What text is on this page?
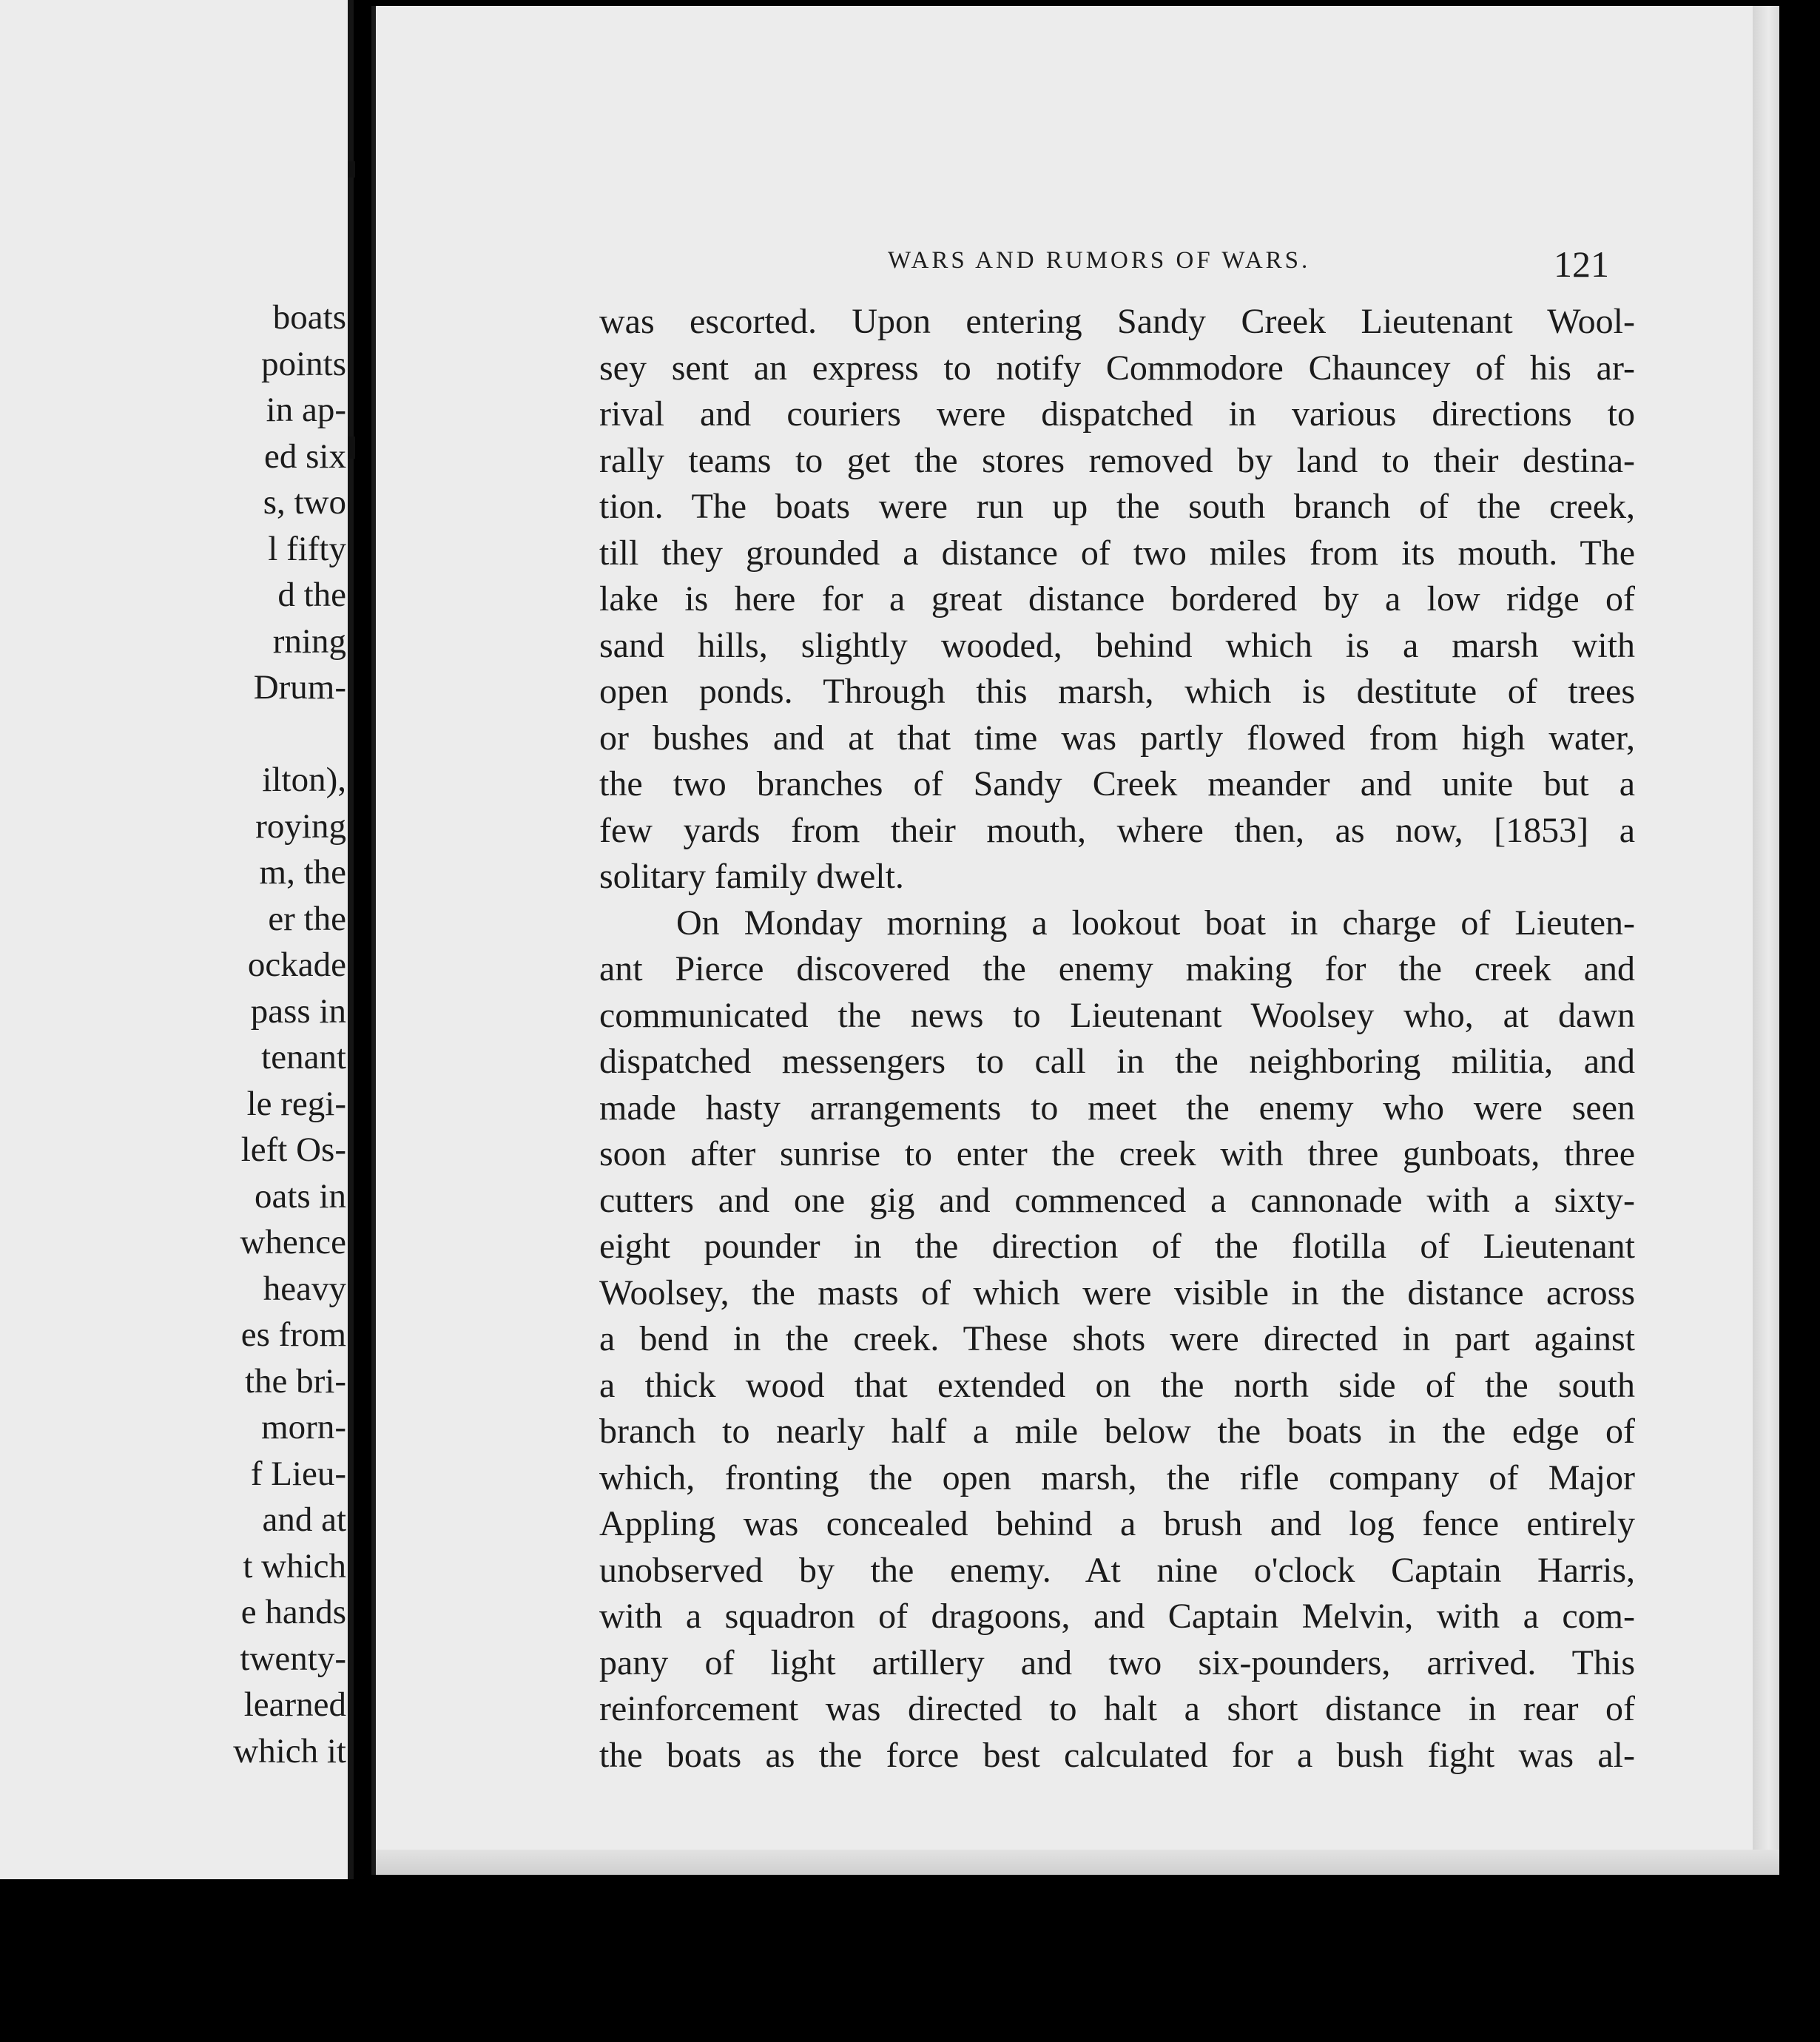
boats
points
in ap-
ed six
s, two
l fifty
d the
rning
Drum-
ilton),
roying
m, the
er the
ockade
pass in
tenant
le regi-
left Os-
oats in
whence
heavy
es from
the bri-
morn-
f Lieu-
and at
t which
e hands
twenty-
learned
which it
WARS AND RUMORS OF WARS.	121
was escorted. Upon entering Sandy Creek Lieutenant Wool-
sey sent an express to notify Commodore Chauncey of his ar-
rival and couriers were dispatched in various directions to
rally teams to get the stores removed by land to their destina-
tion. The boats were run up the south branch of the creek,
till they grounded a distance of two miles from its mouth. The
lake is here for a great distance bordered by a low ridge of
sand hills, slightly wooded, behind which is a marsh with
open ponds. Through this marsh, which is destitute of trees
or bushes and at that time was partly flowed from high water,
the two branches of Sandy Creek meander and unite but a
few yards from their mouth, where then, as now, [1853] a
solitary family dwelt.
On Monday morning a lookout boat in charge of Lieuten-
ant Pierce discovered the enemy making for the creek and
communicated the news to Lieutenant Woolsey who, at dawn
dispatched messengers to call in the neighboring militia, and
made hasty arrangements to meet the enemy who were seen
soon after sunrise to enter the creek with three gunboats, three
cutters and one gig and commenced a cannonade with a sixty-
eight pounder in the direction of the flotilla of Lieutenant
Woolsey, the masts of which were visible in the distance across
a bend in the creek. These shots were directed in part against
a thick wood that extended on the north side of the south
branch to nearly half a mile below the boats in the edge of
which, fronting the open marsh, the rifle company of Major
Appling was concealed behind a brush and log fence entirely
unobserved by the enemy. At nine o'clock Captain Harris,
with a squadron of dragoons, and Captain Melvin, with a com-
pany of light artillery and two six-pounders, arrived. This
reinforcement was directed to halt a short distance in rear of
the boats as the force best calculated for a bush fight was al-
